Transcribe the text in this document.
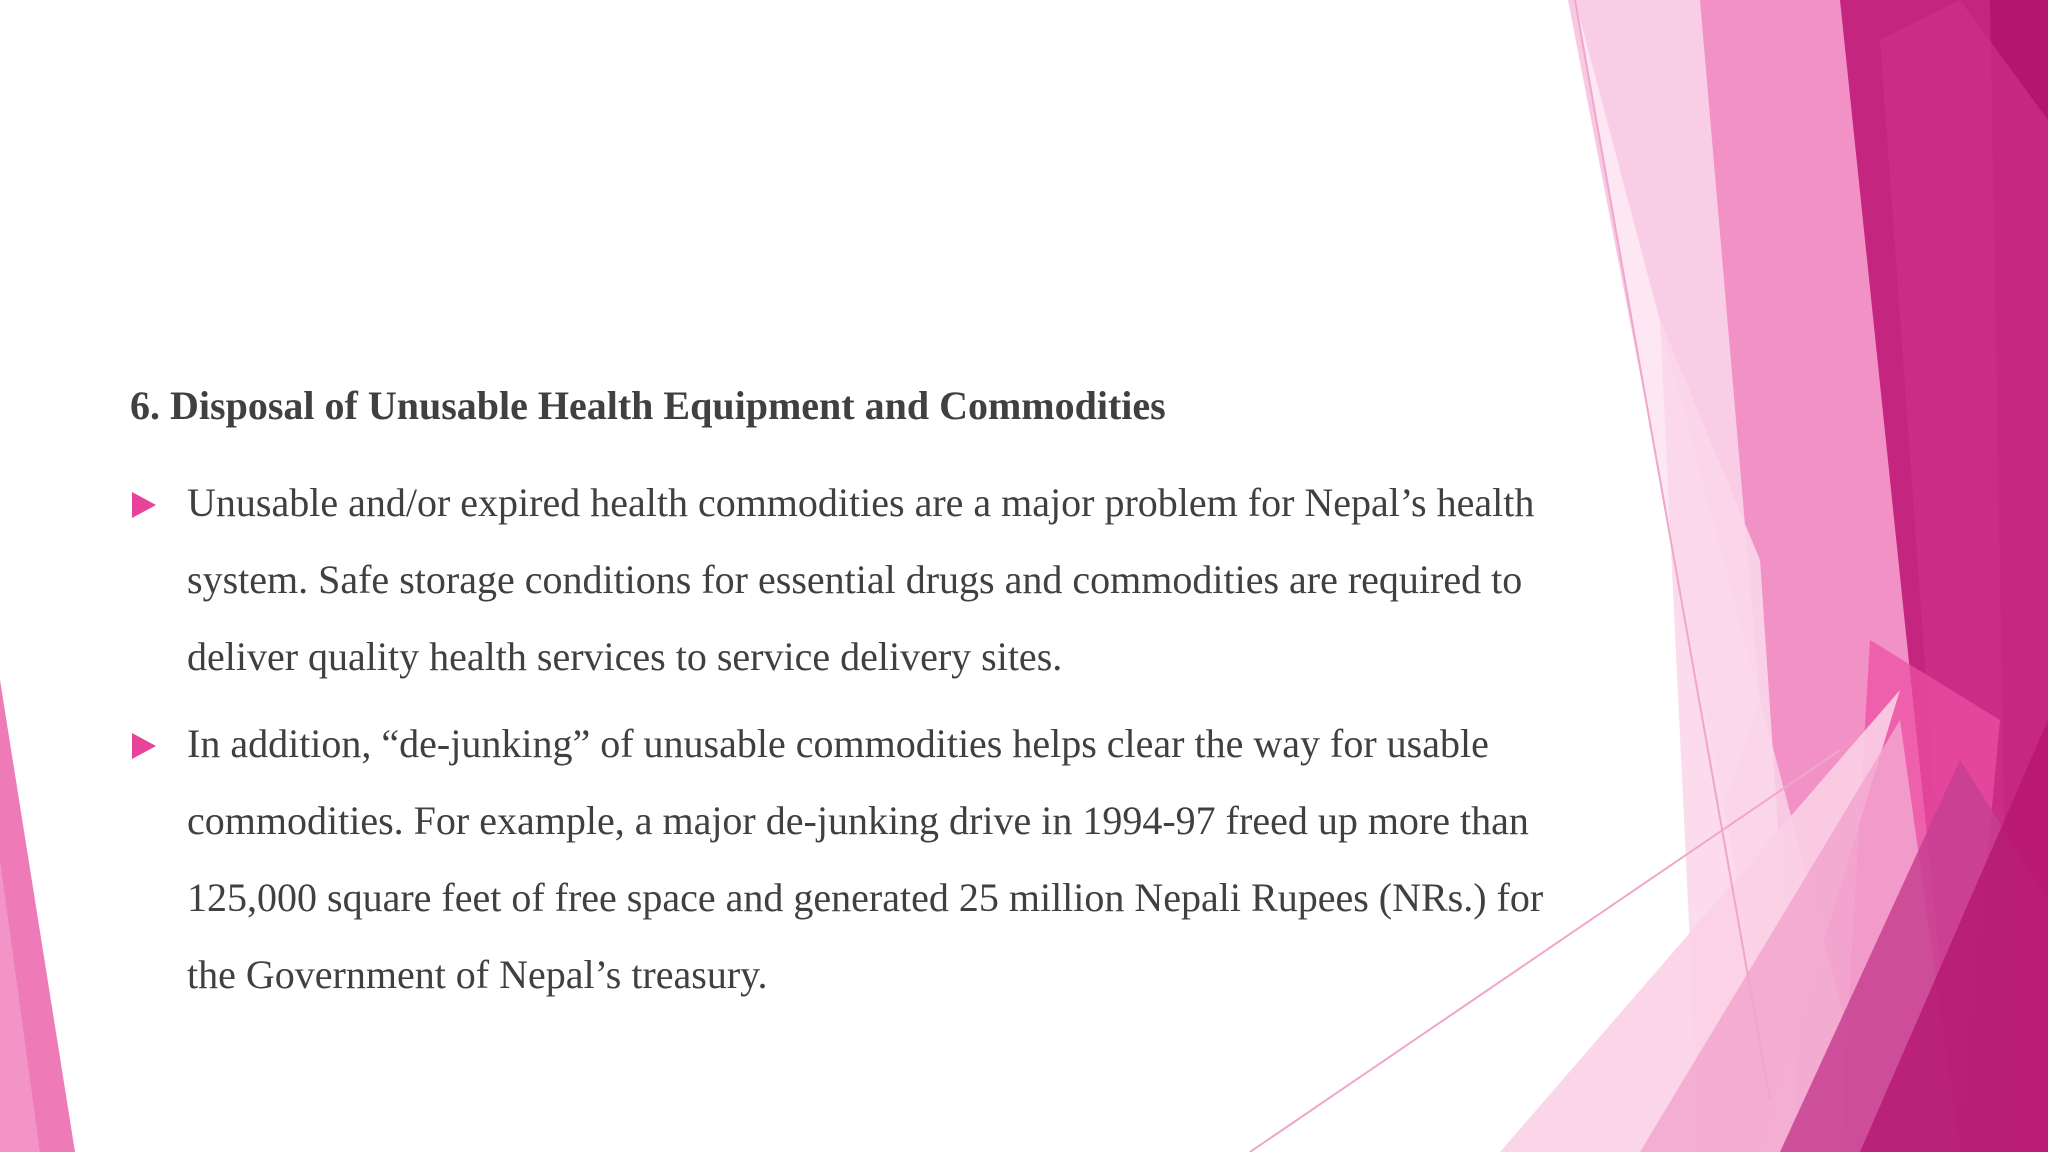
6. Disposal of Unusable Health Equipment and Commodities
Unusable and/or expired health commodities are a major problem for Nepal’s health system. Safe storage conditions for essential drugs and commodities are required to deliver quality health services to service delivery sites.
In addition, “de-junking” of unusable commodities helps clear the way for usable commodities. For example, a major de-junking drive in 1994-97 freed up more than 125,000 square feet of free space and generated 25 million Nepali Rupees (NRs.) for the Government of Nepal’s treasury.
